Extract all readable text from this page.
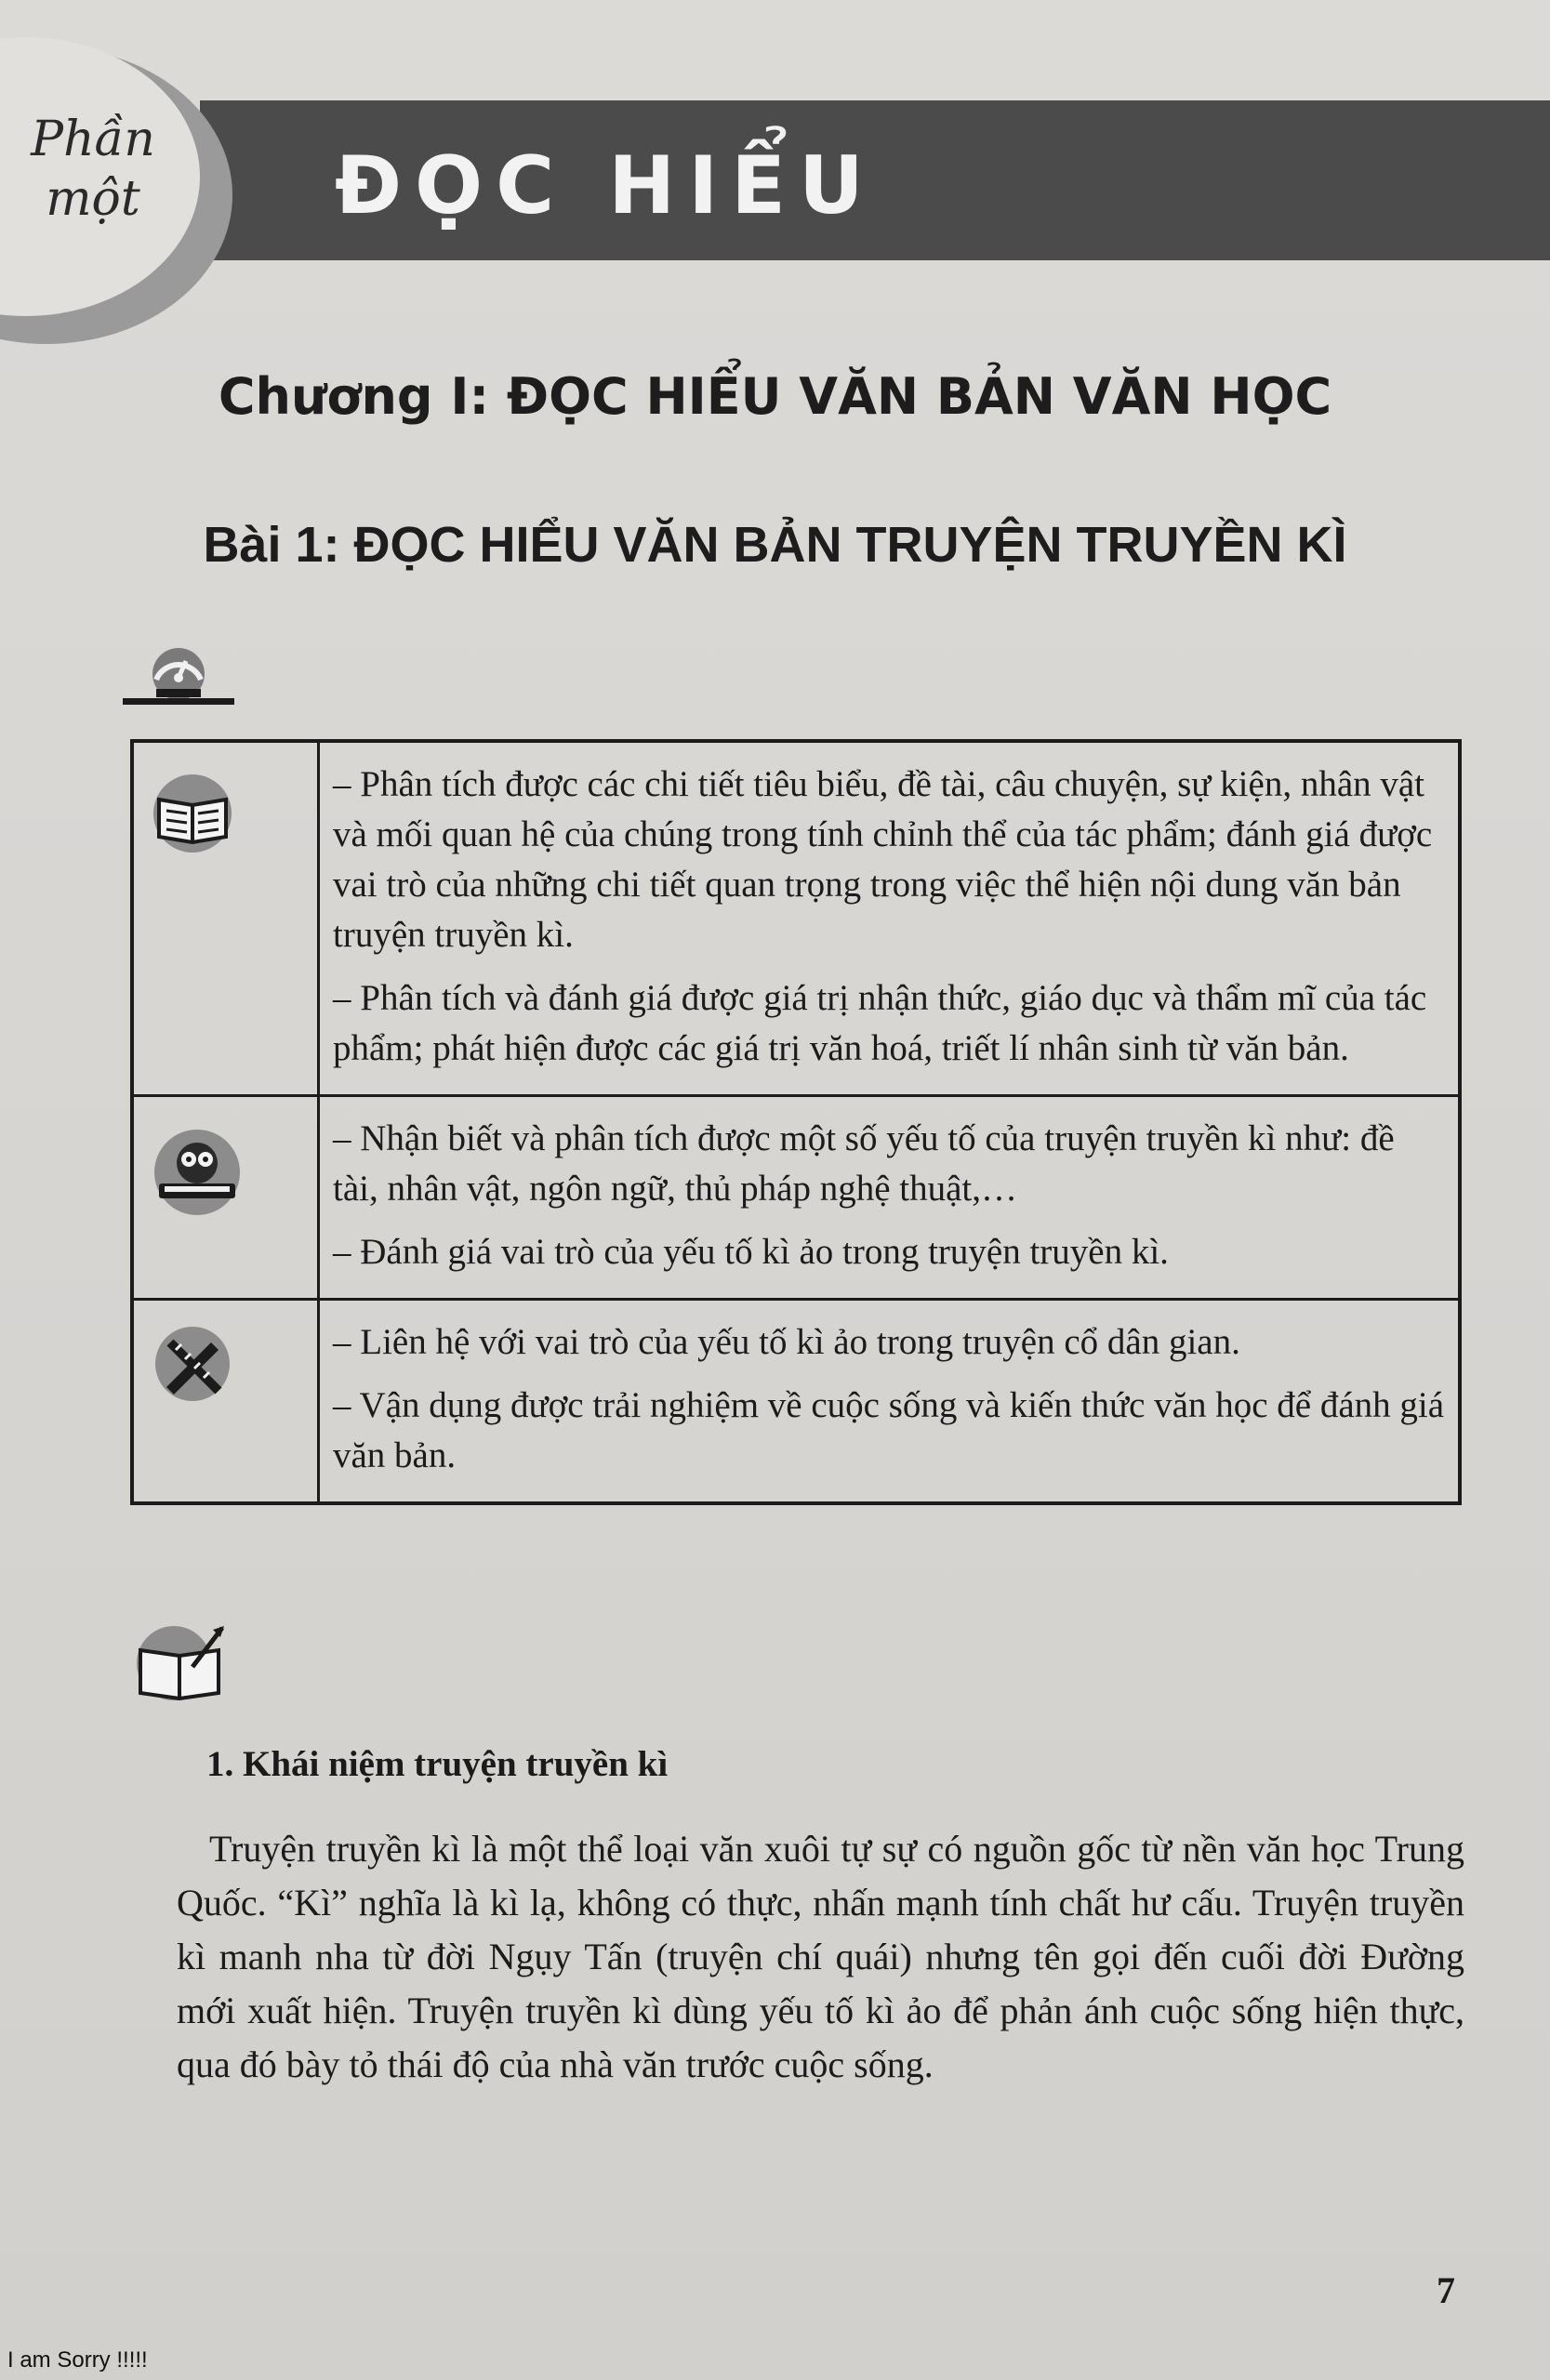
Phần
một	ĐỌC HIỂU
Chương I: ĐỌC HIỂU VĂN BẢN VĂN HỌC
Bài 1: ĐỌC HIỂU VĂN BẢN TRUYỆN TRUYỀN KÌ

– Phân tích được các chi tiết tiêu biểu, đề tài, câu chuyện, sự kiện, nhân vật và mối quan hệ của chúng trong tính chỉnh thể của tác phẩm; đánh giá được vai trò của những chi tiết quan trọng trong việc thể hiện nội dung văn bản truyện truyền kì.

– Phân tích và đánh giá được giá trị nhận thức, giáo dục và thẩm mĩ của tác phẩm; phát hiện được các giá trị văn hoá, triết lí nhân sinh từ văn bản.

– Nhận biết và phân tích được một số yếu tố của truyện truyền kì như: đề tài, nhân vật, ngôn ngữ, thủ pháp nghệ thuật,…

– Đánh giá vai trò của yếu tố kì ảo trong truyện truyền kì.

– Liên hệ với vai trò của yếu tố kì ảo trong truyện cổ dân gian.

– Vận dụng được trải nghiệm về cuộc sống và kiến thức văn học để đánh giá văn bản.

1. Khái niệm truyện truyền kì

Truyện truyền kì là một thể loại văn xuôi tự sự có nguồn gốc từ nền văn học Trung Quốc. “Kì” nghĩa là kì lạ, không có thực, nhấn mạnh tính chất hư cấu. Truyện truyền kì manh nha từ đời Ngụy Tấn (truyện chí quái) nhưng tên gọi đến cuối đời Đường mới xuất hiện. Truyện truyền kì dùng yếu tố kì ảo để phản ánh cuộc sống hiện thực, qua đó bày tỏ thái độ của nhà văn trước cuộc sống.

7
I am Sorry !!!!!
